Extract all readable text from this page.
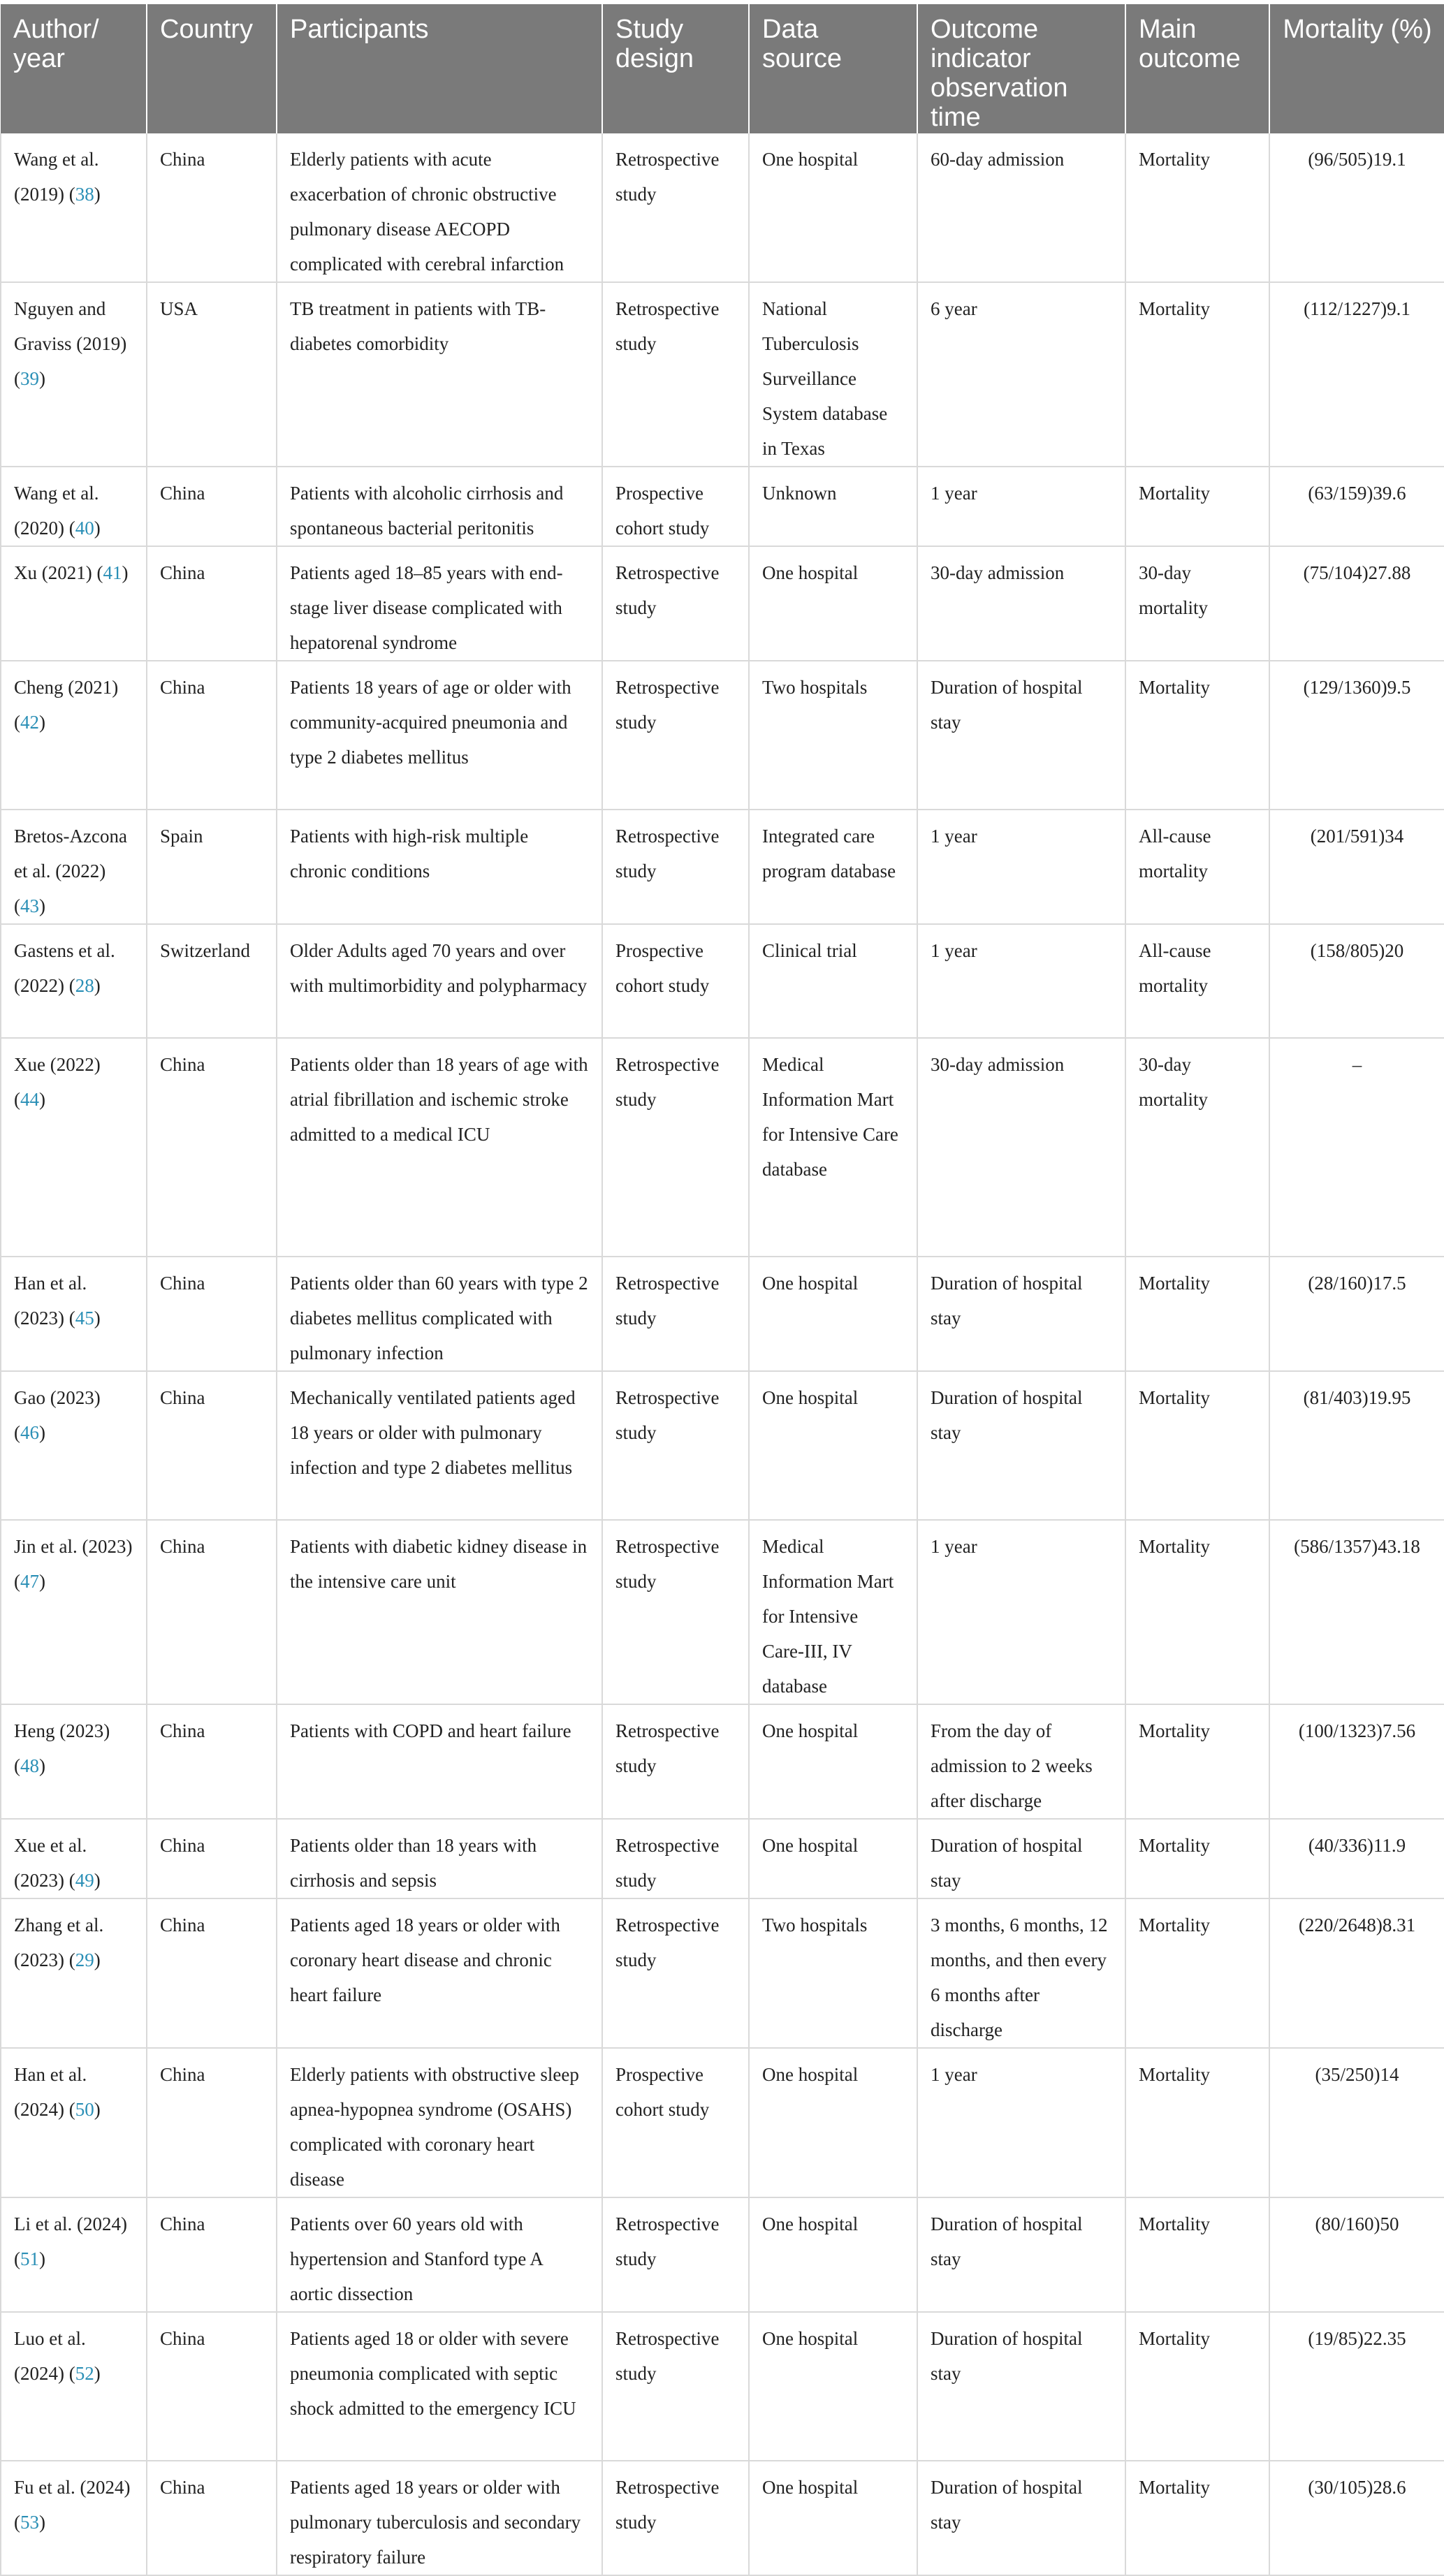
Author/ year	Country	Participants	Study design	Data source	Outcome indicator observation time	Main outcome	Mortality (%)
Wang et al. (2019) (38)	China	Elderly patients with acute exacerbation of chronic obstructive pulmonary disease AECOPD complicated with cerebral infarction	Retrospective study	One hospital	60-day admission	Mortality	(96/505)19.1
Nguyen and Graviss (2019) (39)	USA	TB treatment in patients with TB-diabetes comorbidity	Retrospective study	National Tuberculosis Surveillance System database in Texas	6 year	Mortality	(112/1227)9.1
Wang et al. (2020) (40)	China	Patients with alcoholic cirrhosis and spontaneous bacterial peritonitis	Prospective cohort study	Unknown	1 year	Mortality	(63/159)39.6
Xu (2021) (41)	China	Patients aged 18–85 years with end-stage liver disease complicated with hepatorenal syndrome	Retrospective study	One hospital	30-day admission	30-day mortality	(75/104)27.88
Cheng (2021) (42)	China	Patients 18 years of age or older with community-acquired pneumonia and type 2 diabetes mellitus	Retrospective study	Two hospitals	Duration of hospital stay	Mortality	(129/1360)9.5
Bretos-Azcona et al. (2022) (43)	Spain	Patients with high-risk multiple chronic conditions	Retrospective study	Integrated care program database	1 year	All-cause mortality	(201/591)34
Gastens et al. (2022) (28)	Switzerland	Older Adults aged 70 years and over with multimorbidity and polypharmacy	Prospective cohort study	Clinical trial	1 year	All-cause mortality	(158/805)20
Xue (2022) (44)	China	Patients older than 18 years of age with atrial fibrillation and ischemic stroke admitted to a medical ICU	Retrospective study	Medical Information Mart for Intensive Care database	30-day admission	30-day mortality	–
Han et al. (2023) (45)	China	Patients older than 60 years with type 2 diabetes mellitus complicated with pulmonary infection	Retrospective study	One hospital	Duration of hospital stay	Mortality	(28/160)17.5
Gao (2023) (46)	China	Mechanically ventilated patients aged 18 years or older with pulmonary infection and type 2 diabetes mellitus	Retrospective study	One hospital	Duration of hospital stay	Mortality	(81/403)19.95
Jin et al. (2023) (47)	China	Patients with diabetic kidney disease in the intensive care unit	Retrospective study	Medical Information Mart for Intensive Care-III, IV database	1 year	Mortality	(586/1357)43.18
Heng (2023) (48)	China	Patients with COPD and heart failure	Retrospective study	One hospital	From the day of admission to 2 weeks after discharge	Mortality	(100/1323)7.56
Xue et al. (2023) (49)	China	Patients older than 18 years with cirrhosis and sepsis	Retrospective study	One hospital	Duration of hospital stay	Mortality	(40/336)11.9
Zhang et al. (2023) (29)	China	Patients aged 18 years or older with coronary heart disease and chronic heart failure	Retrospective study	Two hospitals	3 months, 6 months, 12 months, and then every 6 months after discharge	Mortality	(220/2648)8.31
Han et al. (2024) (50)	China	Elderly patients with obstructive sleep apnea-hypopnea syndrome (OSAHS) complicated with coronary heart disease	Prospective cohort study	One hospital	1 year	Mortality	(35/250)14
Li et al. (2024) (51)	China	Patients over 60 years old with hypertension and Stanford type A aortic dissection	Retrospective study	One hospital	Duration of hospital stay	Mortality	(80/160)50
Luo et al. (2024) (52)	China	Patients aged 18 or older with severe pneumonia complicated with septic shock admitted to the emergency ICU	Retrospective study	One hospital	Duration of hospital stay	Mortality	(19/85)22.35
Fu et al. (2024) (53)	China	Patients aged 18 years or older with pulmonary tuberculosis and secondary respiratory failure	Retrospective study	One hospital	Duration of hospital stay	Mortality	(30/105)28.6
